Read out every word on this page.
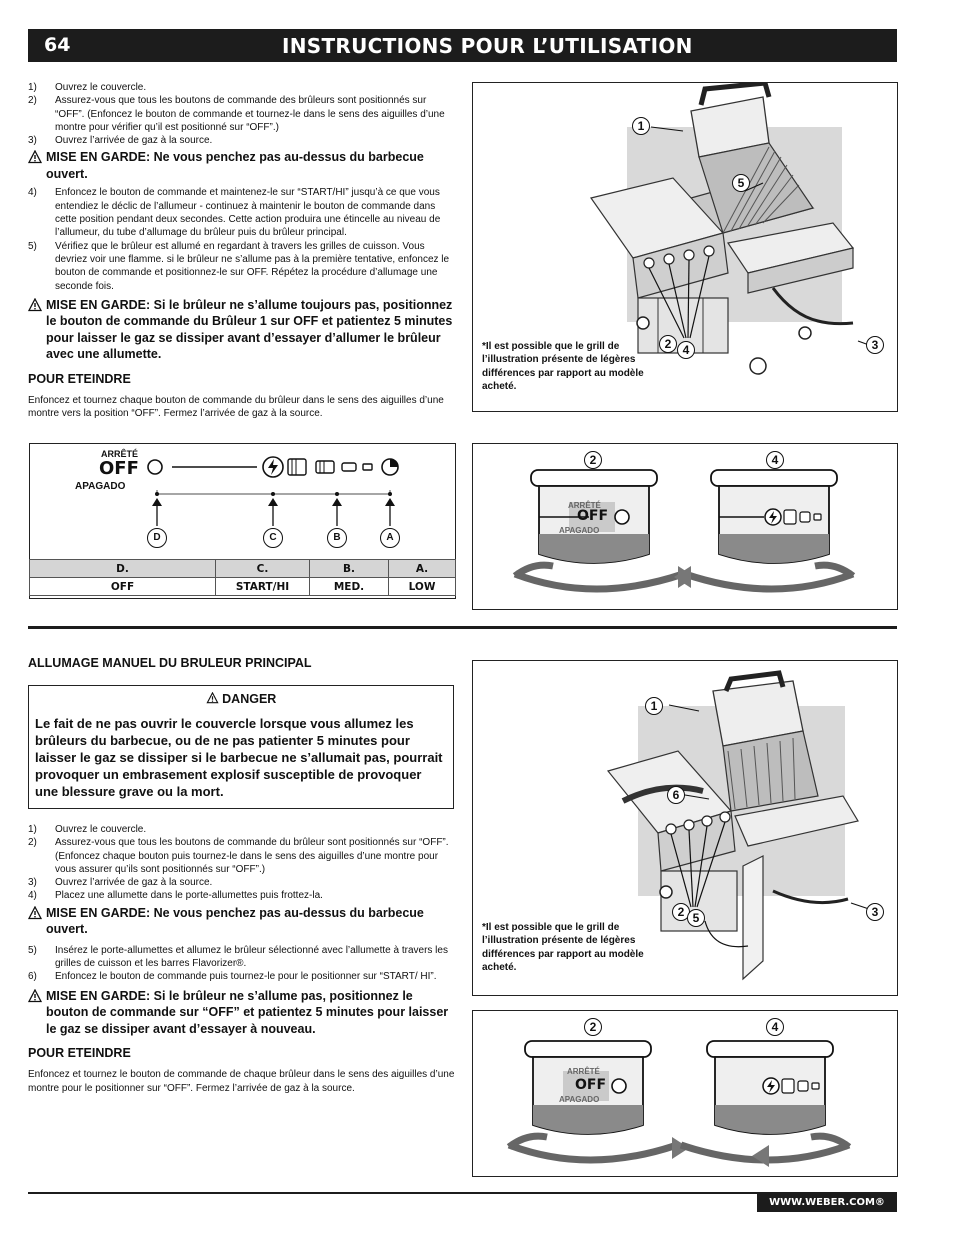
64	INSTRUCTIONS POUR L’UTILISATION
1) Ouvrez le couvercle.
2) Assurez-vous que tous les boutons de commande des brûleurs sont positionnés sur “OFF”. (Enfoncez le bouton de commande et tournez-le dans le sens des aiguilles d’une montre pour vérifier qu’il est positionné sur “OFF”.)
3) Ouvrez l’arrivée de gaz à la source.
MISE EN GARDE: Ne vous penchez pas au-dessus du barbecue ouvert.
4) Enfoncez le bouton de commande et maintenez-le sur “START/HI” jusqu’à ce que vous entendiez le déclic de l’allumeur - continuez à maintenir le bouton de commande dans cette position pendant deux secondes. Cette action produira une étincelle au niveau de l’allumeur, du tube d’allumage du brûleur puis du brûleur principal.
5) Vérifiez que le brûleur est allumé en regardant à travers les grilles de cuisson. Vous devriez voir une flamme. si le brûleur ne s’allume pas à la première tentative, enfoncez le bouton de commande et positionnez-le sur OFF. Répétez la procédure d’allumage une seconde fois.
MISE EN GARDE: Si le brûleur ne s’allume toujours pas, positionnez le bouton de commande du Brûleur 1 sur OFF et patientez 5 minutes pour laisser le gaz se dissiper avant d’essayer d’allumer le brûleur avec une allumette.
POUR ETEINDRE
Enfoncez et tournez chaque bouton de commande du brûleur dans le sens des aiguilles d’une montre vers la position “OFF”. Fermez l’arrivée de gaz à la source.
1
5
2 4	3
*Il est possible que le grill de l’illustration présente de légères différences par rapport au modèle acheté.
ARRÊTÉ
OFF
APAGADO
D	C	B	A
D.	C.	B.	A.
OFF	START/HI	MED.	LOW
ARRÊTÉ
OFF
APAGADO
2	4
ALLUMAGE MANUEL DU BRULEUR PRINCIPAL
DANGER
Le fait de ne pas ouvrir le couvercle lorsque vous allumez les brûleurs du barbecue, ou de ne pas patienter 5 minutes pour laisser le gaz se dissiper si le barbecue ne s’allumait pas, pourrait provoquer un embrasement explosif susceptible de provoquer une blessure grave ou la mort.
1) Ouvrez le couvercle.
2) Assurez-vous que tous les boutons de commande du brûleur sont positionnés sur “OFF”. (Enfoncez chaque bouton puis tournez-le dans le sens des aiguilles d’une montre pour vous assurer qu’ils sont positionnés sur “OFF”.)
3) Ouvrez l’arrivée de gaz à la source.
4) Placez une allumette dans le porte-allumettes puis frottez-la.
MISE EN GARDE: Ne vous penchez pas au-dessus du barbecue ouvert.
5) Insérez le porte-allumettes et allumez le brûleur sélectionné avec l’allumette à travers les grilles de cuisson et les barres Flavorizer®.
6) Enfoncez le bouton de commande puis tournez-le pour le positionner sur “START/ HI”.
MISE EN GARDE: Si le brûleur ne s’allume pas, positionnez le bouton de commande sur “OFF” et patientez 5 minutes pour laisser le gaz se dissiper avant d’essayer à nouveau.
POUR ETEINDRE
Enfoncez et tournez le bouton de commande de chaque brûleur dans le sens des aiguilles d’une montre pour le positionner sur “OFF”. Fermez l’arrivée de gaz à la source.
1
6
2 5	3
*Il est possible que le grill de l’illustration présente de légères différences par rapport au modèle acheté.
ARRÊTÉ
OFF
APAGADO
2	4
WWW.WEBER.COM®
